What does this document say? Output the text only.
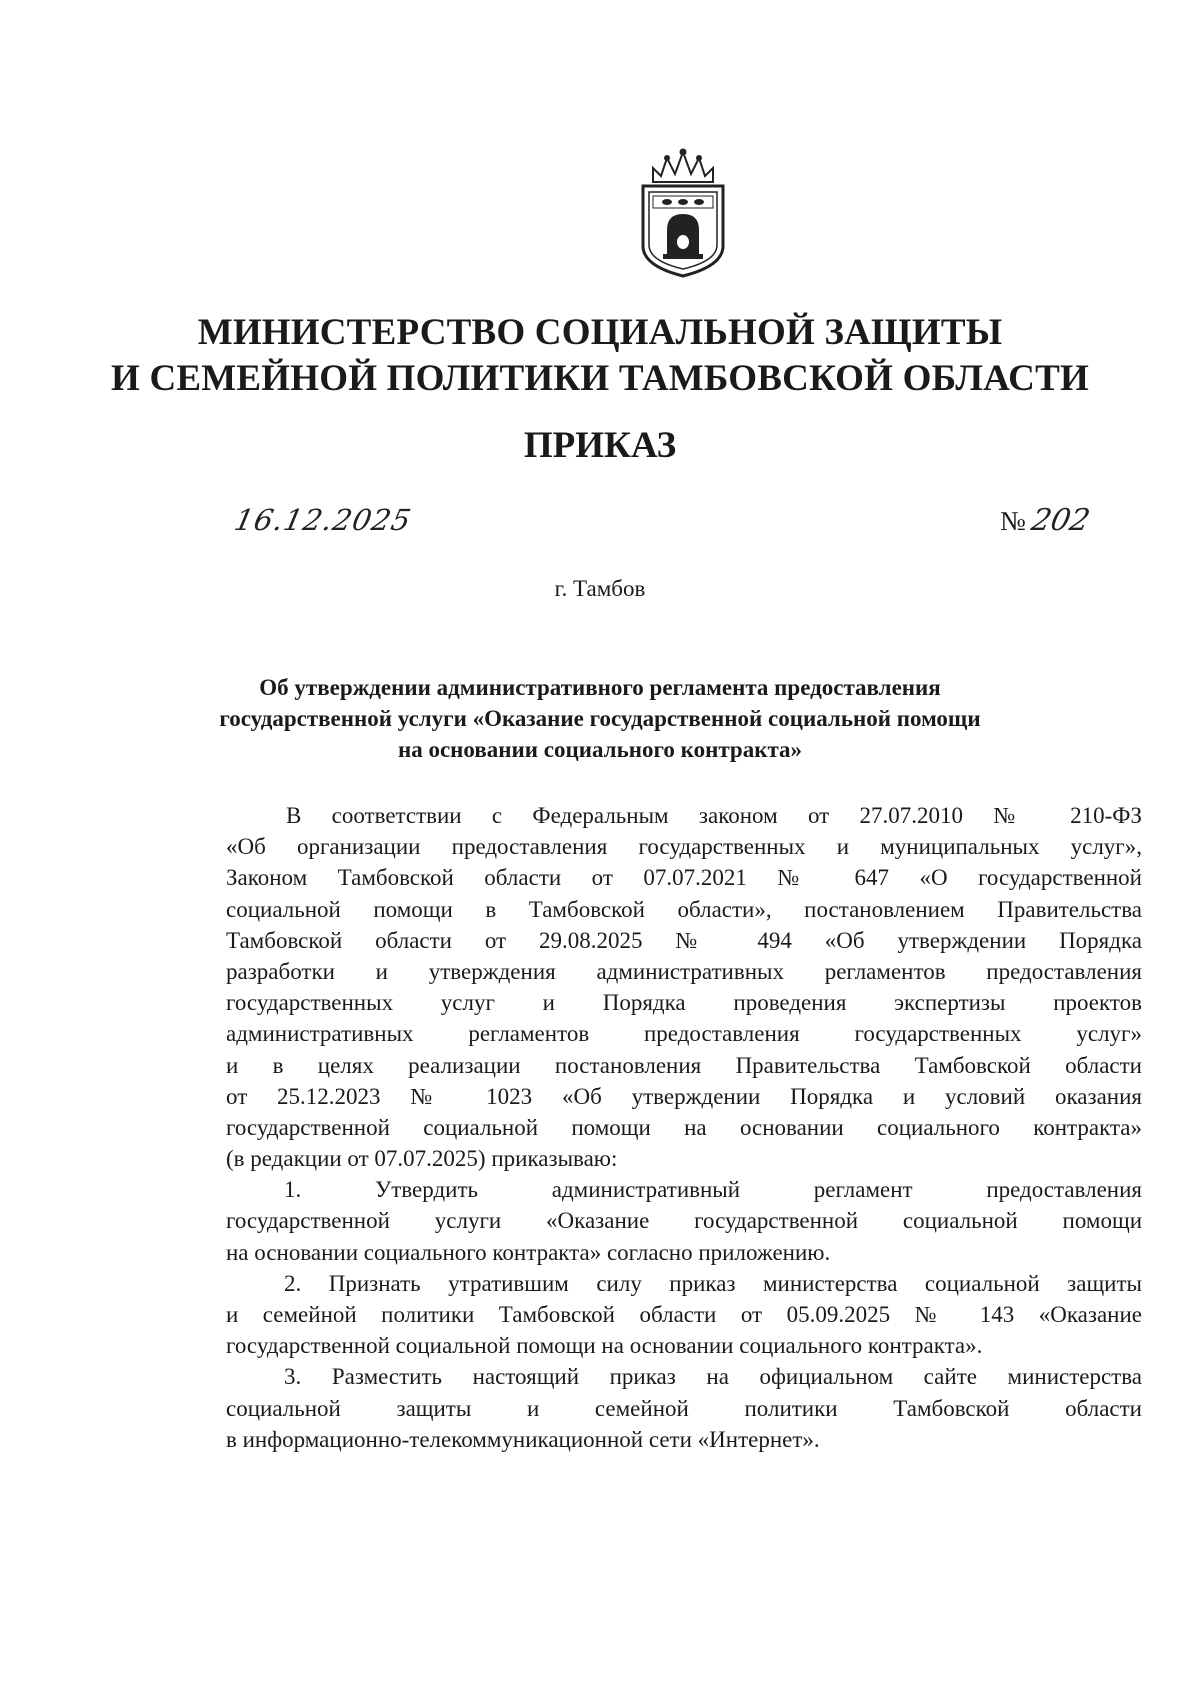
МИНИСТЕРСТВО СОЦИАЛЬНОЙ ЗАЩИТЫ
И СЕМЕЙНОЙ ПОЛИТИКИ ТАМБОВСКОЙ ОБЛАСТИ
ПРИКАЗ
16.12.2025	№202
г. Тамбов
Об утверждении административного регламента предоставления
государственной услуги «Оказание государственной социальной помощи
на основании социального контракта»
В соответствии с Федеральным законом от 27.07.2010 № 210-ФЗ
«Об организации предоставления государственных и муниципальных услуг»,
Законом Тамбовской области от 07.07.2021 № 647 «О государственной
социальной помощи в Тамбовской области», постановлением Правительства
Тамбовской области от 29.08.2025 № 494 «Об утверждении Порядка
разработки и утверждения административных регламентов предоставления
государственных услуг и Порядка проведения экспертизы проектов
административных регламентов предоставления государственных услуг»
и в целях реализации постановления Правительства Тамбовской области
от 25.12.2023 № 1023 «Об утверждении Порядка и условий оказания
государственной социальной помощи на основании социального контракта»
(в редакции от 07.07.2025) приказываю:
1. Утвердить административный регламент предоставления
государственной услуги «Оказание государственной социальной помощи
на основании социального контракта» согласно приложению.
2. Признать утратившим силу приказ министерства социальной защиты
и семейной политики Тамбовской области от 05.09.2025 № 143 «Оказание
государственной социальной помощи на основании социального контракта».
3. Разместить настоящий приказ на официальном сайте министерства
социальной защиты и семейной политики Тамбовской области
в информационно-телекоммуникационной сети «Интернет».
